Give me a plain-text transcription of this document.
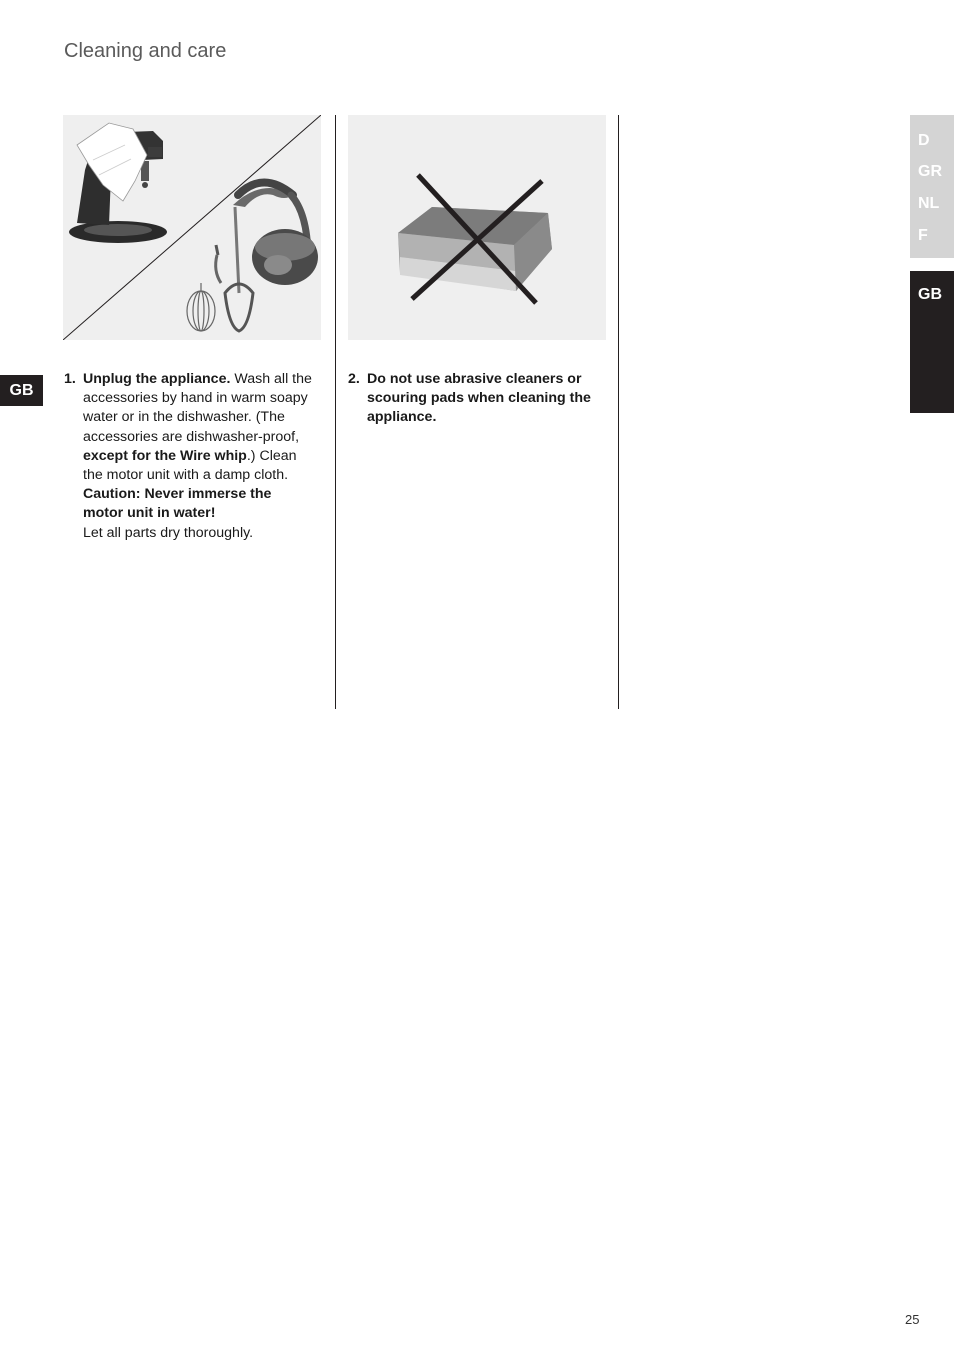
Cleaning and care
D
GR
NL
F
GB
GB
1. Unplug the appliance. Wash all the accessories by hand in warm soapy water or in the dishwasher. (The accessories are dishwasher-proof, except for the Wire whip.) Clean the motor unit with a damp cloth.
Caution: Never immerse the motor unit in water!
Let all parts dry thoroughly.
2. Do not use abrasive cleaners or scouring pads when cleaning the appliance.
25
